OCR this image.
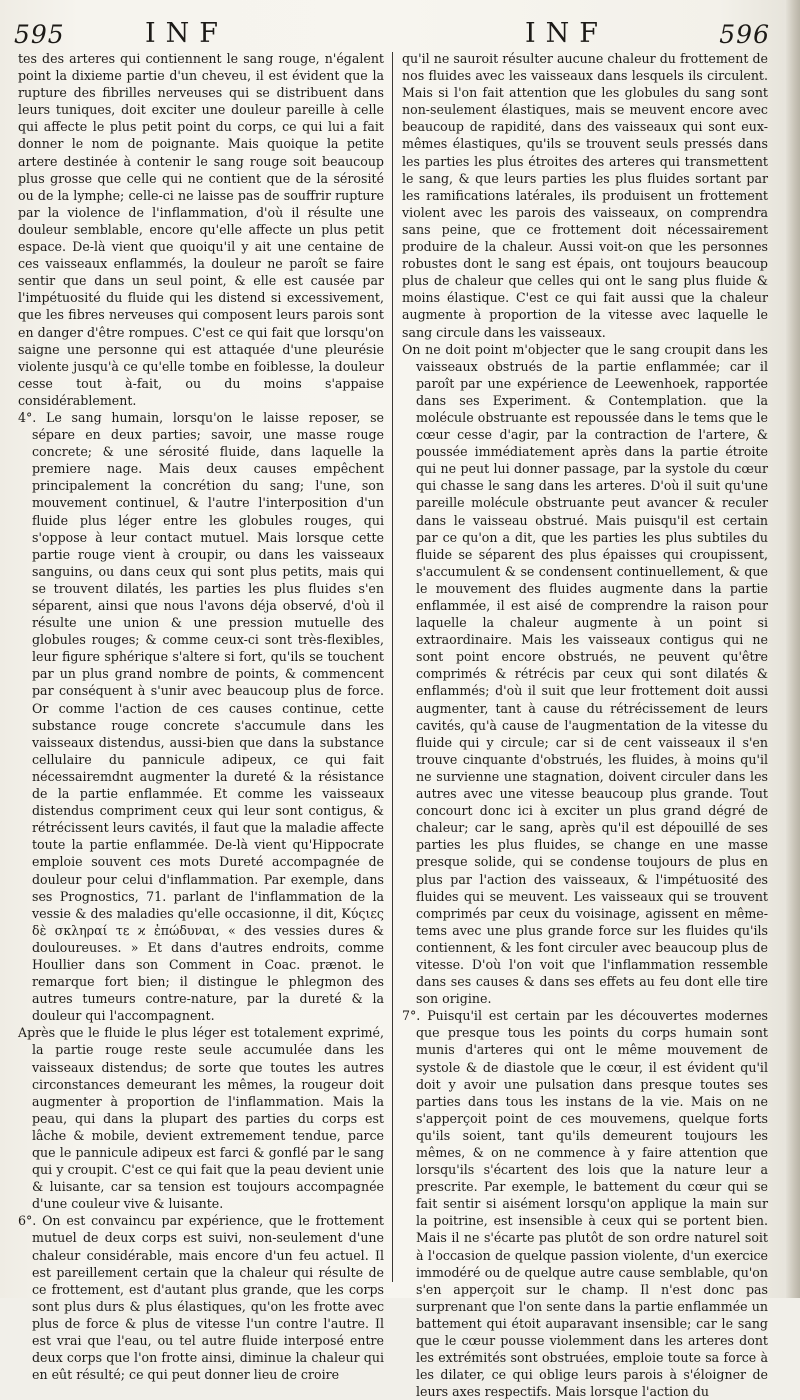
595	INF	INF	596

tes des arteres qui contiennent le sang rouge, n'égalent point la dixieme partie d'un cheveu, il est évident que la rupture des fibrilles nerveuses qui se distribuent dans leurs tuniques, doit exciter une douleur pareille à celle qui affecte le plus petit point du corps, ce qui lui a fait donner le nom de poignante. Mais quoique la petite artere destinée à contenir le sang rouge soit beaucoup plus grosse que celle qui ne contient que de la sérosité ou de la lymphe; celle-ci ne laisse pas de souffrir rupture par la violence de l'inflammation, d'où il résulte une douleur semblable, encore qu'elle affecte un plus petit espace. De-là vient que quoiqu'il y ait une centaine de ces vaisseaux enflammés, la douleur ne paroît se faire sentir que dans un seul point, & elle est causée par l'impétuosité du fluide qui les distend si excessivement, que les fibres nerveuses qui composent leurs parois sont en danger d'être rompues. C'est ce qui fait que lorsqu'on saigne une personne qui est attaquée d'une pleurésie violente jusqu'à ce qu'elle tombe en foiblesse, la douleur cesse tout à-fait, ou du moins s'appaise considérablement.

4°. Le sang humain, lorsqu'on le laisse reposer, se sépare en deux parties; savoir, une masse rouge concrete; & une sérosité fluide, dans laquelle la premiere nage. Mais deux causes empêchent principalement la concrétion du sang; l'une, son mouvement continuel, & l'autre l'interposition d'un fluide plus léger entre les globules rouges, qui s'oppose à leur contact mutuel. Mais lorsque cette partie rouge vient à croupir, ou dans les vaisseaux sanguins, ou dans ceux qui sont plus petits, mais qui se trouvent dilatés, les parties les plus fluides s'en séparent, ainsi que nous l'avons déja observé, d'où il résulte une union & une pression mutuelle des globules rouges; & comme ceux-ci sont très-flexibles, leur figure sphérique s'altere si fort, qu'ils se touchent par un plus grand nombre de points, & commencent par conséquent à s'unir avec beaucoup plus de force. Or comme l'action de ces causes continue, cette substance rouge concrete s'accumule dans les vaisseaux distendus, aussi-bien que dans la substance cellulaire du pannicule adipeux, ce qui fait nécessairemdnt augmenter la dureté & la résistance de la partie enflammée. Et comme les vaisseaux distendus compriment ceux qui leur sont contigus, & rétrécissent leurs cavités, il faut que la maladie affecte toute la partie enflammée. De-là vient qu'Hippocrate emploie souvent ces mots Dureté accompagnée de douleur pour celui d'inflammation. Par exemple, dans ses Prognostics, 71. parlant de l'inflammation de la vessie & des maladies qu'elle occasionne, il dit, Κύςιες δὲ σκληραί τε ϰ ἐπώδυναι, « des vessies dures & douloureuses. » Et dans d'autres endroits, comme Houllier dans son Comment in Coac. prænot. le remarque fort bien; il distingue le phlegmon des autres tumeurs contre-nature, par la dureté & la douleur qui l'accompagnent.

Après que le fluide le plus léger est totalement exprimé, la partie rouge reste seule accumulée dans les vaisseaux distendus; de sorte que toutes les autres circonstances demeurant les mêmes, la rougeur doit augmenter à proportion de l'inflammation. Mais la peau, qui dans la plupart des parties du corps est lâche & mobile, devient extremement tendue, parce que le pannicule adipeux est farci & gonflé par le sang qui y croupit. C'est ce qui fait que la peau devient unie & luisante, car sa tension est toujours accompagnée d'une couleur vive & luisante.

6°. On est convaincu par expérience, que le frottement mutuel de deux corps est suivi, non-seulement d'une chaleur considérable, mais encore d'un feu actuel. Il est pareillement certain que la chaleur qui résulte de ce frottement, est d'autant plus grande, que les corps sont plus durs & plus élastiques, qu'on les frotte avec plus de force & plus de vitesse l'un contre l'autre. Il est vrai que l'eau, ou tel autre fluide interposé entre deux corps que l'on frotte ainsi, diminue la chaleur qui en eût résulté; ce qui peut donner lieu de croire

qu'il ne sauroit résulter aucune chaleur du frottement de nos fluides avec les vaisseaux dans lesquels ils circulent. Mais si l'on fait attention que les globules du sang sont non-seulement élastiques, mais se meuvent encore avec beaucoup de rapidité, dans des vaisseaux qui sont eux-mêmes élastiques, qu'ils se trouvent seuls pressés dans les parties les plus étroites des arteres qui transmettent le sang, & que leurs parties les plus fluides sortant par les ramifications latérales, ils produisent un frottement violent avec les parois des vaisseaux, on comprendra sans peine, que ce frottement doit nécessairement produire de la chaleur. Aussi voit-on que les personnes robustes dont le sang est épais, ont toujours beaucoup plus de chaleur que celles qui ont le sang plus fluide & moins élastique. C'est ce qui fait aussi que la chaleur augmente à proportion de la vitesse avec laquelle le sang circule dans les vaisseaux.

On ne doit point m'objecter que le sang croupit dans les vaisseaux obstrués de la partie enflammée; car il paroît par une expérience de Leewenhoek, rapportée dans ses Experiment. & Contemplation. que la molécule obstruante est repoussée dans le tems que le cœur cesse d'agir, par la contraction de l'artere, & poussée immédiatement après dans la partie étroite qui ne peut lui donner passage, par la systole du cœur qui chasse le sang dans les arteres. D'où il suit qu'une pareille molécule obstruante peut avancer & reculer dans le vaisseau obstrué. Mais puisqu'il est certain par ce qu'on a dit, que les parties les plus subtiles du fluide se séparent des plus épaisses qui croupissent, s'accumulent & se condensent continuellement, & que le mouvement des fluides augmente dans la partie enflammée, il est aisé de comprendre la raison pour laquelle la chaleur augmente à un point si extraordinaire. Mais les vaisseaux contigus qui ne sont point encore obstrués, ne peuvent qu'être comprimés & rétrécis par ceux qui sont dilatés & enflammés; d'où il suit que leur frottement doit aussi augmenter, tant à cause du rétrécissement de leurs cavités, qu'à cause de l'augmentation de la vitesse du fluide qui y circule; car si de cent vaisseaux il s'en trouve cinquante d'obstrués, les fluides, à moins qu'il ne survienne une stagnation, doivent circuler dans les autres avec une vitesse beaucoup plus grande. Tout concourt donc ici à exciter un plus grand dégré de chaleur; car le sang, après qu'il est dépouillé de ses parties les plus fluides, se change en une masse presque solide, qui se condense toujours de plus en plus par l'action des vaisseaux, & l'impétuosité des fluides qui se meuvent. Les vaisseaux qui se trouvent comprimés par ceux du voisinage, agissent en même-tems avec une plus grande force sur les fluides qu'ils contiennent, & les font circuler avec beaucoup plus de vitesse. D'où l'on voit que l'inflammation ressemble dans ses causes & dans ses effets au feu dont elle tire son origine.

7°. Puisqu'il est certain par les découvertes modernes que presque tous les points du corps humain sont munis d'arteres qui ont le même mouvement de systole & de diastole que le cœur, il est évident qu'il doit y avoir une pulsation dans presque toutes ses parties dans tous les instans de la vie. Mais on ne s'apperçoit point de ces mouvemens, quelque forts qu'ils soient, tant qu'ils demeurent toujours les mêmes, & on ne commence à y faire attention que lorsqu'ils s'écartent des lois que la nature leur a prescrite. Par exemple, le battement du cœur qui se fait sentir si aisément lorsqu'on applique la main sur la poitrine, est insensible à ceux qui se portent bien. Mais il ne s'écarte pas plutôt de son ordre naturel soit à l'occasion de quelque passion violente, d'un exercice immodéré ou de quelque autre cause semblable, qu'on s'en apperçoit sur le champ. Il n'est donc pas surprenant que l'on sente dans la partie enflammée un battement qui étoit auparavant insensible; car le sang que le cœur pousse violemment dans les arteres dont les extrémités sont obstruées, emploie toute sa force à les dilater, ce qui oblige leurs parois à s'éloigner de leurs axes respectifs. Mais lorsque l'action du
